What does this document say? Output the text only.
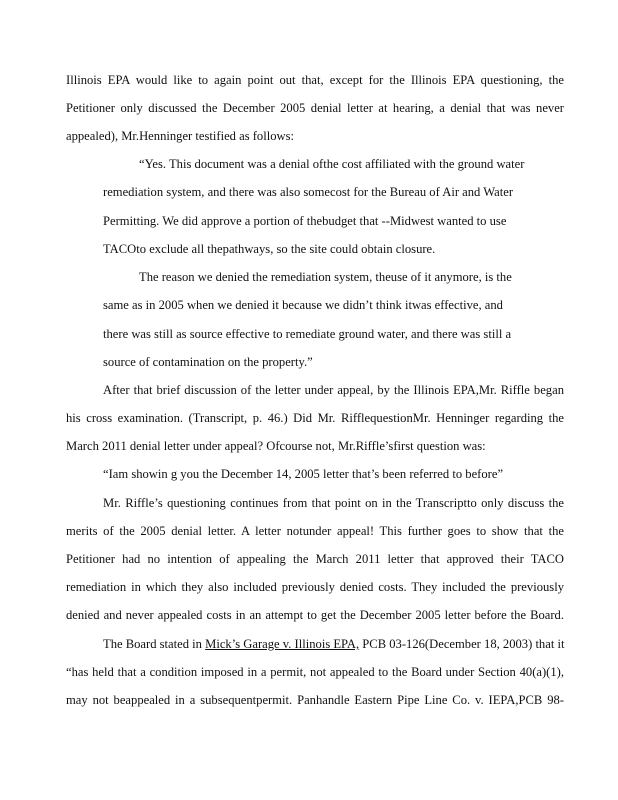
Illinois EPA would like to again point out that, except for the Illinois EPA questioning, the
Petitioner only discussed the December 2005 denial letter at hearing, a denial that was never
appealed), Mr.Henninger testified as follows:
“Yes. This document was a denial ofthe cost affiliated with the ground water
remediation system, and there was also somecost for the Bureau of Air and Water
Permitting. We did approve a portion of thebudget that --Midwest wanted to use
TACOto exclude all thepathways, so the site could obtain closure.
The reason we denied the remediation system, theuse of it anymore, is the
same as in 2005 when we denied it because we didn’t think itwas effective, and
there was still as source effective to remediate ground water, and there was still a
source of contamination on the property.”
After that brief discussion of the letter under appeal, by the Illinois EPA,Mr. Riffle began
his cross examination. (Transcript, p. 46.) Did Mr. RifflequestionMr. Henninger regarding the
March 2011 denial letter under appeal? Ofcourse not, Mr.Riffle’sfirst question was:
“Iam showin g you the December 14, 2005 letter that’s been referred to before”
Mr. Riffle’s questioning continues from that point on in the Transcriptto only discuss the
merits of the 2005 denial letter. A letter notunder appeal! This further goes to show that the
Petitioner had no intention of appealing the March 2011 letter that approved their TACO
remediation in which they also included previously denied costs. They included the previously
denied and never appealed costs in an attempt to get the December 2005 letter before the Board.
The Board stated in Mick’s Garage v. Illinois EPA, PCB 03-126(December 18, 2003) that it
“has held that a condition imposed in a permit, not appealed to the Board under Section 40(a)(1),
may not beappealed in a subsequentpermit. Panhandle Eastern Pipe Line Co. v. IEPA,PCB 98-
